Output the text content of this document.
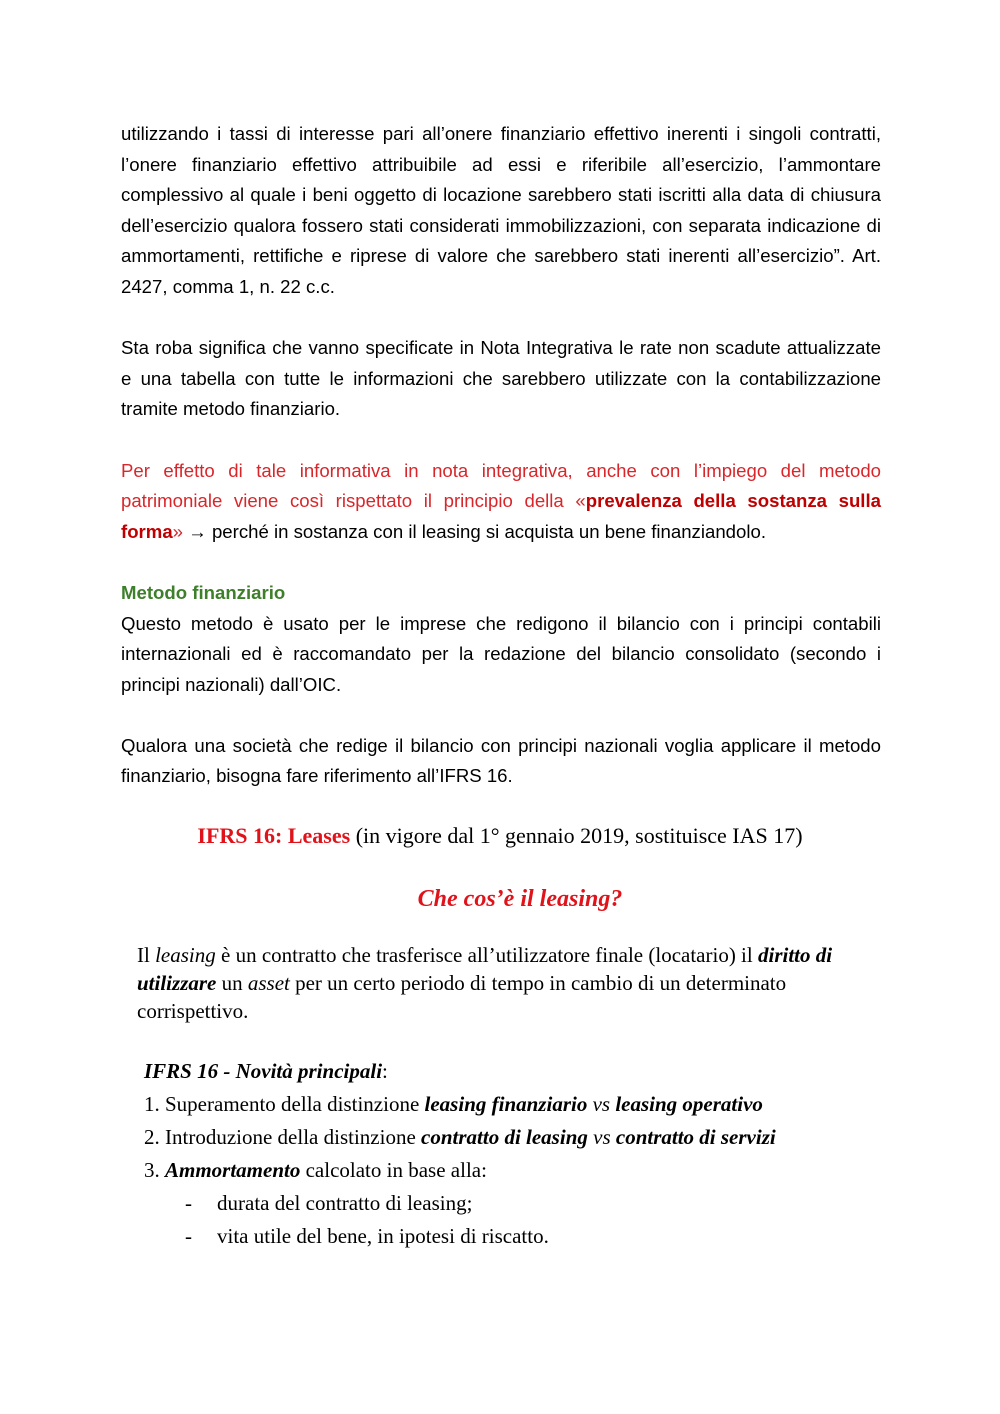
utilizzando i tassi di interesse pari all’onere finanziario effettivo inerenti i singoli contratti, l’onere finanziario effettivo attribuibile ad essi e riferibile all’esercizio, l’ammontare complessivo al quale i beni oggetto di locazione sarebbero stati iscritti alla data di chiusura dell’esercizio qualora fossero stati considerati immobilizzazioni, con separata indicazione di ammortamenti, rettifiche e riprese di valore che sarebbero stati inerenti all’esercizio”. Art. 2427, comma 1, n. 22 c.c.

Sta roba significa che vanno specificate in Nota Integrativa le rate non scadute attualizzate e una tabella con tutte le informazioni che sarebbero utilizzate con la contabilizzazione tramite metodo finanziario.

Per effetto di tale informativa in nota integrativa, anche con l’impiego del metodo patrimoniale viene così rispettato il principio della «prevalenza della sostanza sulla forma» → perché in sostanza con il leasing si acquista un bene finanziandolo.

Metodo finanziario

Questo metodo è usato per le imprese che redigono il bilancio con i principi contabili internazionali ed è raccomandato per la redazione del bilancio consolidato (secondo i principi nazionali) dall’OIC.

Qualora una società che redige il bilancio con principi nazionali voglia applicare il metodo finanziario, bisogna fare riferimento all’IFRS 16.

IFRS 16: Leases (in vigore dal 1° gennaio 2019, sostituisce IAS 17)

Che cos’è il leasing?

Il leasing è un contratto che trasferisce all’utilizzatore finale (locatario) il diritto di utilizzare un asset per un certo periodo di tempo in cambio di un determinato corrispettivo.

IFRS 16 - Novità principali:
1. Superamento della distinzione leasing finanziario vs leasing operativo
2. Introduzione della distinzione contratto di leasing vs contratto di servizi
3. Ammortamento calcolato in base alla:
- durata del contratto di leasing;
- vita utile del bene, in ipotesi di riscatto.
